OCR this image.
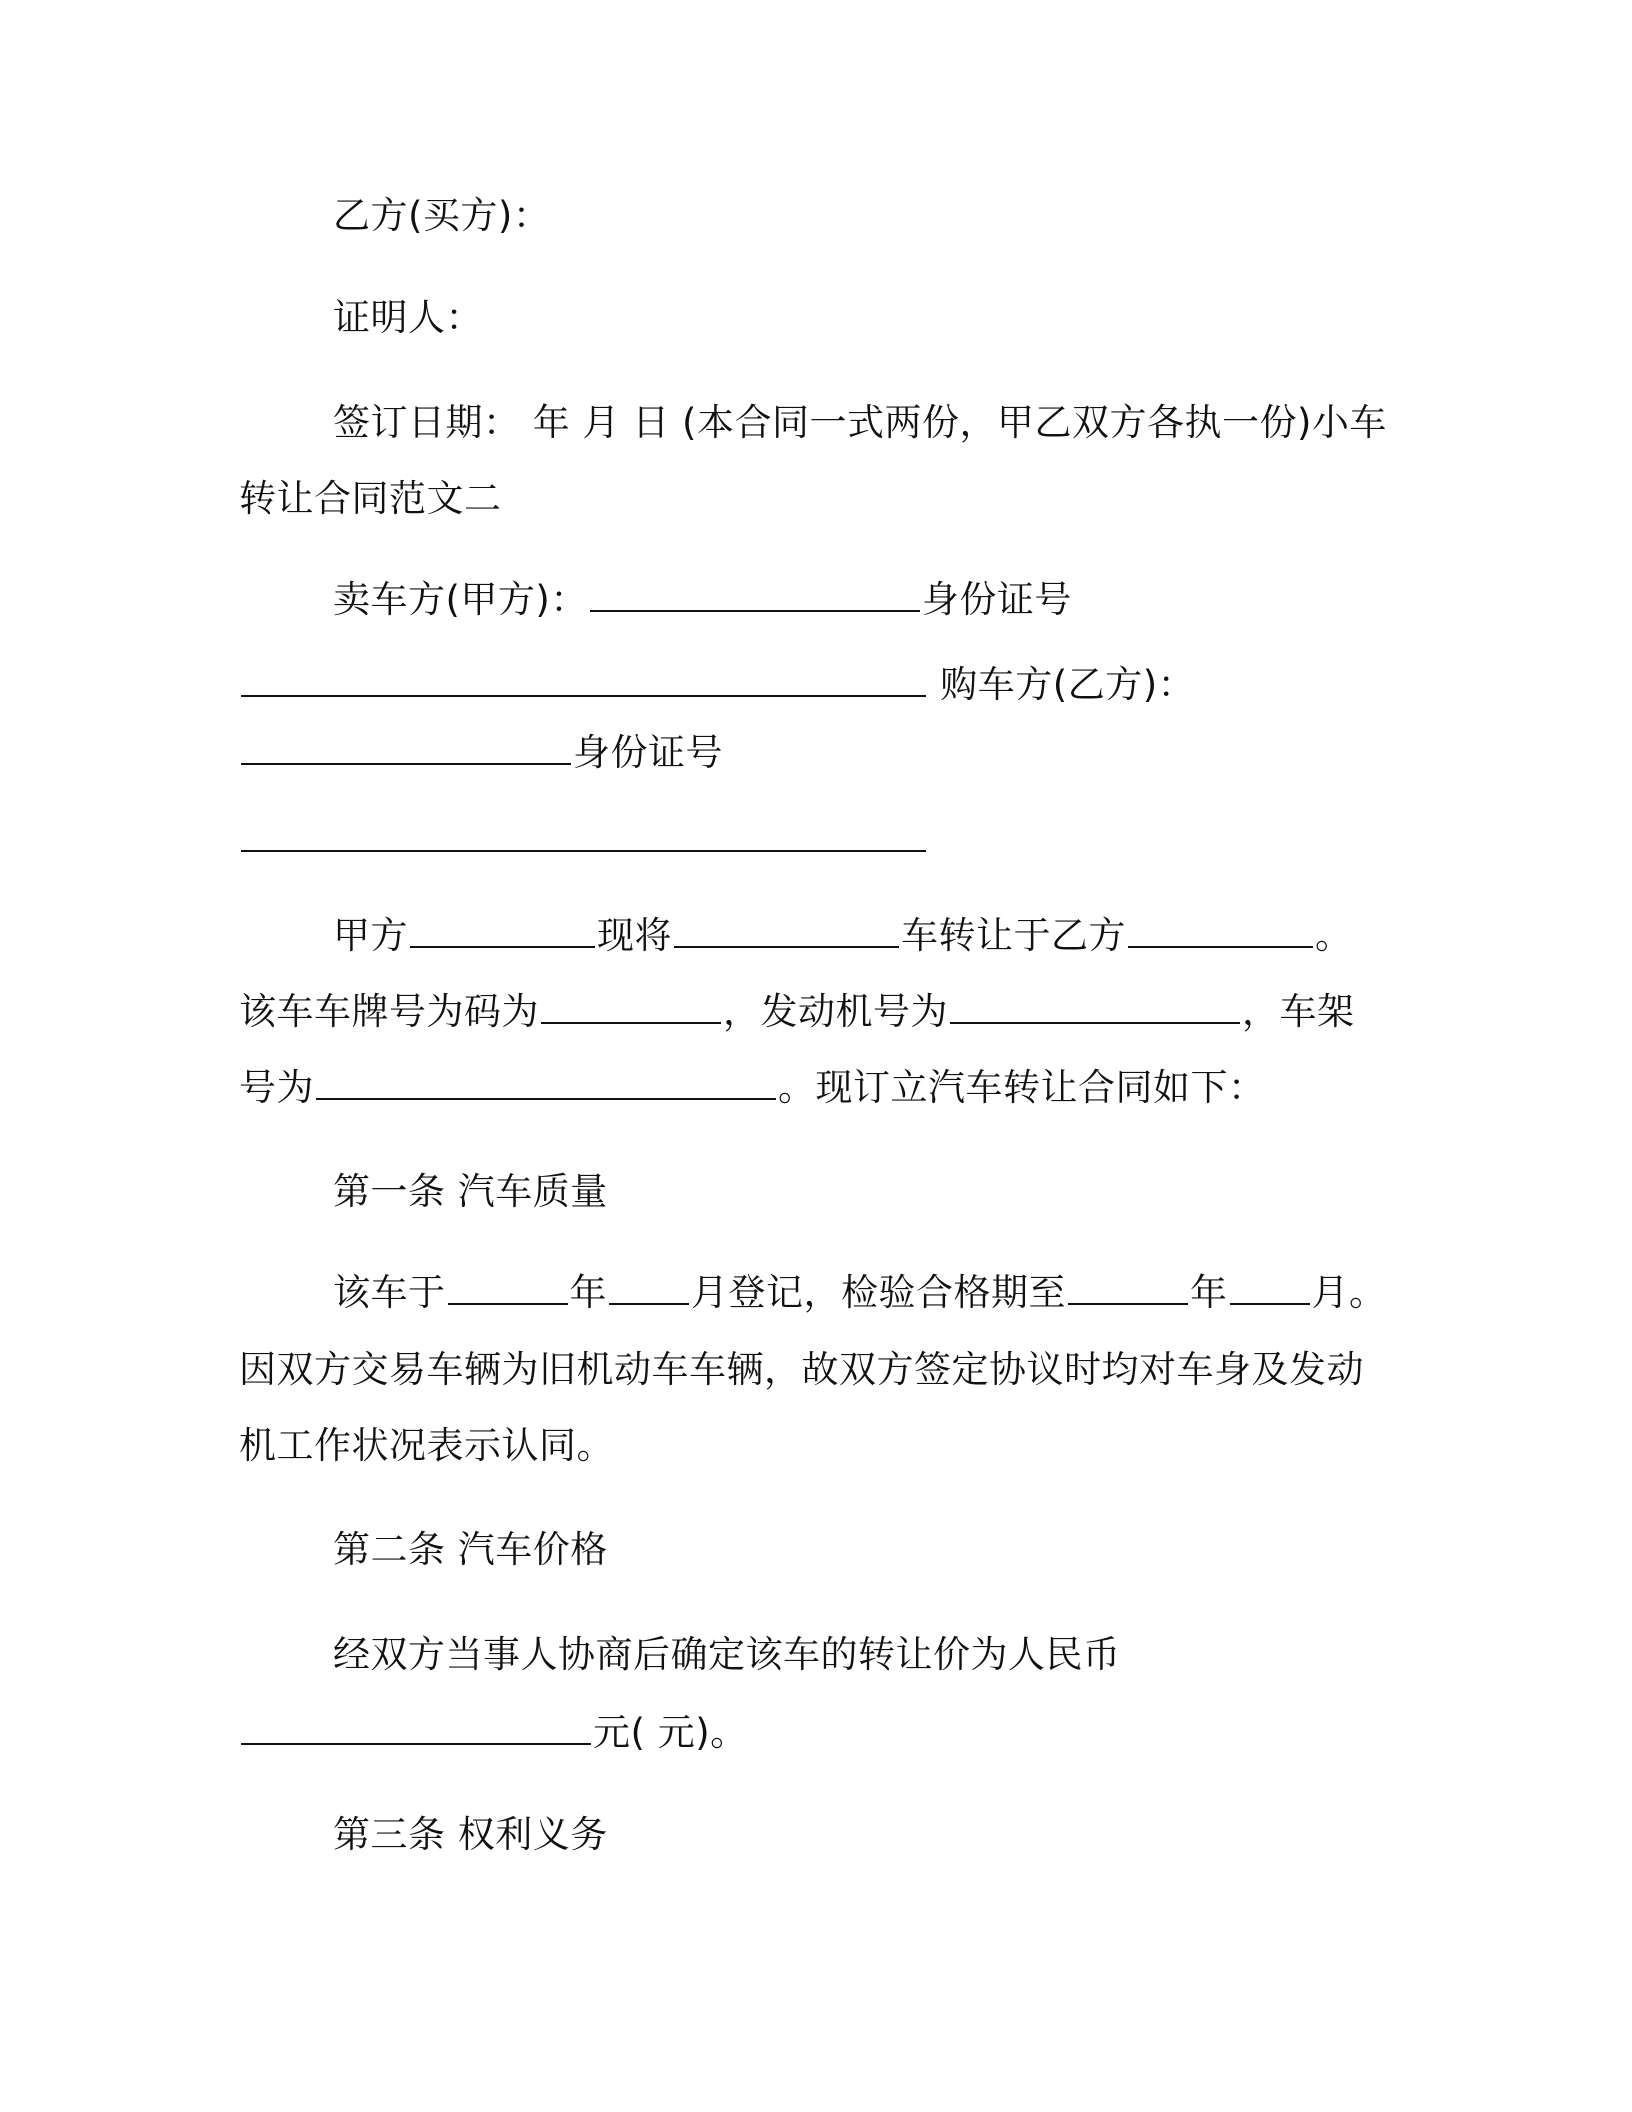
乙方(买方)：
证明人：
签订日期： 年 月 日 (本合同一式两份，甲乙双方各执一份)小车
转让合同范文二
卖车方(甲方)：	身份证号
购车方(乙方)：
身份证号
甲方	现将	车转让于乙方	。
该车车牌号为码为	，发动机号为	，车架
号为	。现订立汽车转让合同如下：
第一条 汽车质量
该车于	年 月登记，检验合格期至	年 月。
因双方交易车辆为旧机动车车辆，故双方签定协议时均对车身及发动
机工作状况表示认同。
第二条 汽车价格
经双方当事人协商后确定该车的转让价为人民币
元( 元)。
第三条 权利义务
